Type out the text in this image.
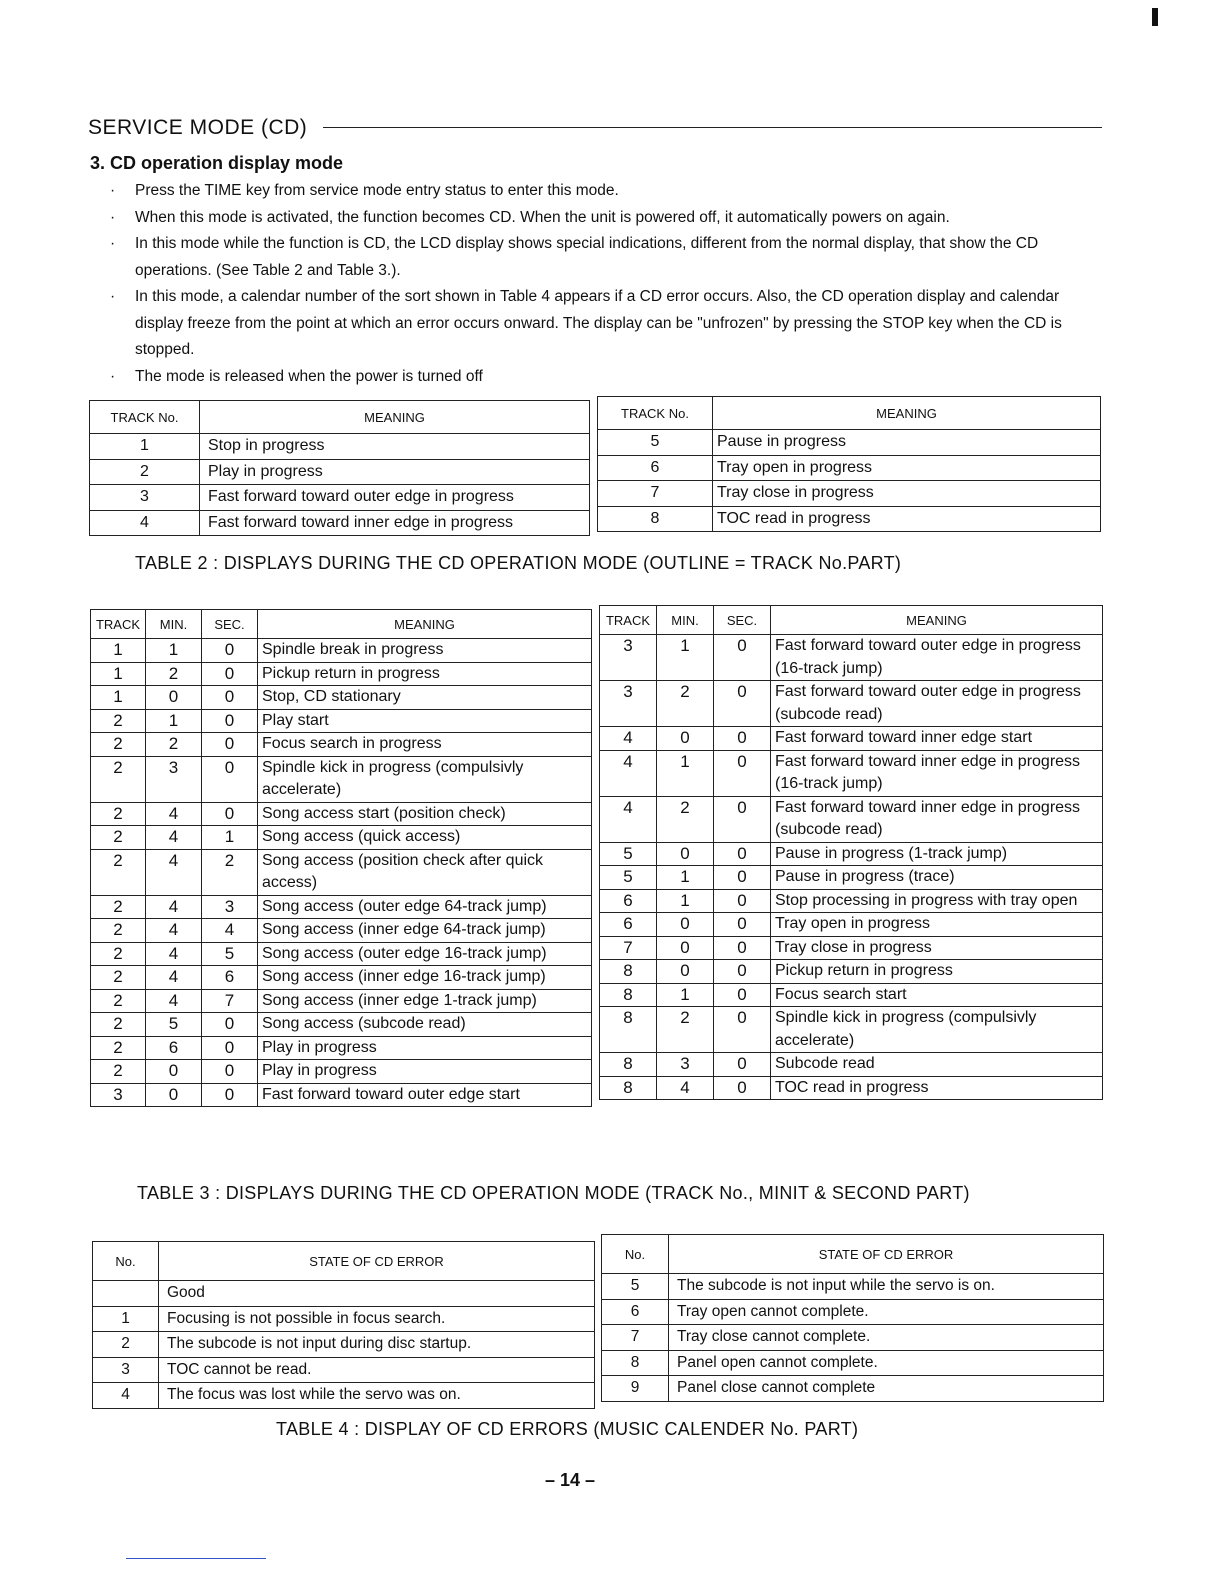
SERVICE MODE (CD)
3. CD operation display mode
· Press the TIME key from service mode entry status to enter this mode.
· When this mode is activated, the function becomes CD. When the unit is powered off, it automatically powers on again.
· In this mode while the function is CD, the LCD display shows special indications, different from the normal display, that show the CD operations. (See Table 2 and Table 3.).
· In this mode, a calendar number of the sort shown in Table 4 appears if a CD error occurs. Also, the CD operation display and calendar display freeze from the point at which an error occurs onward. The display can be "unfrozen" by pressing the STOP key when the CD is stopped.
· The mode is released when the power is turned off
TRACK No.	MEANING
1	Stop in progress
2	Play in progress
3	Fast forward toward outer edge in progress
4	Fast forward toward inner edge in progress
TRACK No.	MEANING
5	Pause in progress
6	Tray open in progress
7	Tray close in progress
8	TOC read in progress
TABLE 2 : DISPLAYS DURING THE CD OPERATION MODE (OUTLINE = TRACK No.PART)
TRACK	MIN.	SEC.	MEANING
1	1	0	Spindle break in progress
1	2	0	Pickup return in progress
1	0	0	Stop, CD stationary
2	1	0	Play start
2	2	0	Focus search in progress
2	3	0	Spindle kick in progress (compulsivly accelerate)
2	4	0	Song access start (position check)
2	4	1	Song access (quick access)
2	4	2	Song access (position check after quick access)
2	4	3	Song access (outer edge 64-track jump)
2	4	4	Song access (inner edge 64-track jump)
2	4	5	Song access (outer edge 16-track jump)
2	4	6	Song access (inner edge 16-track jump)
2	4	7	Song access (inner edge 1-track jump)
2	5	0	Song access (subcode read)
2	6	0	Play in progress
2	0	0	Play in progress
3	0	0	Fast forward toward outer edge start
TRACK	MIN.	SEC.	MEANING
3	1	0	Fast forward toward outer edge in progress (16-track jump)
3	2	0	Fast forward toward outer edge in progress (subcode read)
4	0	0	Fast forward toward inner edge start
4	1	0	Fast forward toward inner edge in progress (16-track jump)
4	2	0	Fast forward toward inner edge in progress (subcode read)
5	0	0	Pause in progress (1-track jump)
5	1	0	Pause in progress (trace)
6	1	0	Stop processing in progress with tray open
6	0	0	Tray open in progress
7	0	0	Tray close in progress
8	0	0	Pickup return in progress
8	1	0	Focus search start
8	2	0	Spindle kick in progress (compulsivly accelerate)
8	3	0	Subcode read
8	4	0	TOC read in progress
TABLE 3 : DISPLAYS DURING THE CD OPERATION MODE (TRACK No., MINIT & SECOND PART)
No.	STATE OF CD ERROR
	Good
1	Focusing is not possible in focus search.
2	The subcode is not input during disc startup.
3	TOC cannot be read.
4	The focus was lost while the servo was on.
No.	STATE OF CD ERROR
5	The subcode is not input while the servo is on.
6	Tray open cannot complete.
7	Tray close cannot complete.
8	Panel open cannot complete.
9	Panel close cannot complete
TABLE 4 : DISPLAY OF CD ERRORS (MUSIC CALENDER No. PART)
– 14 –
